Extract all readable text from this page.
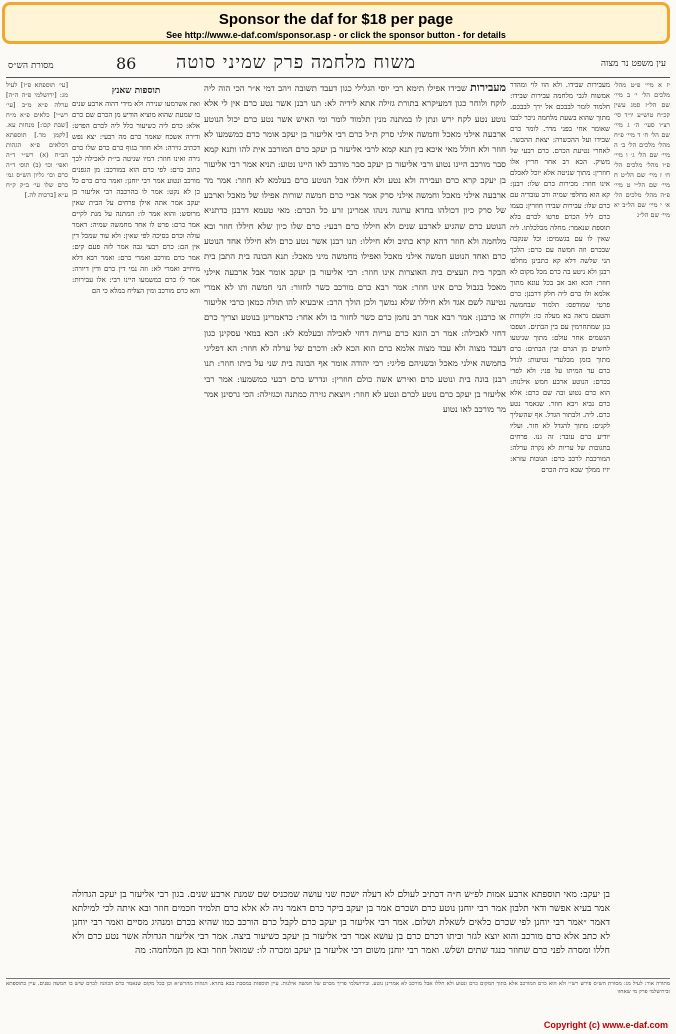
Sponsor the daf for $18 per page
See http://www.e-daf.com/sponsor.asp - or click the sponsor button - for details
עין משפט נר מצוה
86 משוח מלחמה פרק שמיני סוטה
מסורת הש״ס
יז א מיי׳ פ״ט מהל׳ מלכים הל׳ י׳ ב מיי׳ שם הל״ז סמג עשין קכ״ח טוש״ע יו״ד סי׳ רצ״ו סעי׳ ה׳ ג מיי׳ שם הל׳ ח׳ ד מיי׳ פ״ח מהל׳ מלכים הל׳ ב׳ ה מיי׳ שם הל׳ ג׳ ו מיי׳ פ״ו מהל׳ מלכים הל׳ ח׳ ז מיי׳ שם הל״ט ח מיי׳ שם הל״י ט מיי׳ פ״ה מהל׳ מלכים הל׳ א׳ י מיי׳ שם הל״ב יא מיי׳ שם הל״ג
מעבירות שבידו. ולא הוו לוי ומהדר אמשוח לגבי מלחמה עבירות שבידו: חלמוד לומר לבבכם אל ירך לבבכם. מתוך שהוא בשעת מלחמה ניכר לבבו שאומר אחי בפני מדר. לומר כרם שבידו ועל ההכשרה: יצאת ההכשר. לאחרי נטיעת הכרם. כרם רבעי של משיק. הכא רב אחר חריץ אלו חוזרין: מתוך שניטה אלא יוכל לאכלם אינו חוזר: מכירות כרם שלו: רבנן: קא הוא מחלפי שמיה ורב עובדיה עם כרם שלו: עבירות שבידו חוזרין: בעמו כרם ליל הכרם פרטו לכרם בלא תוספת שנאמר: מחלה מכלכלתו. ליה שאין לו עם בגשמים: וכל שנקבה שבכרם וזה חמשה עם כרם: הלכך הני שלשה דלא קא כתבינן מחלפו רבנן ולא ניטע בה כרם מכל מקום לא חוזר: הכא ואב אב בכל עונא מתוך אלמא ולו כרם ליה חלק דרבנן: כרם פרטי שמודפס: תלמוד שבחמשה והטעם נראה בא מעלה כו: ולקורות בגן שמתחרמין עם בין הבתים. ושפכו הגשמים אחר עולם: מתוך שניטעו לחשים מן הגרם ובין הבתים: כרם מתוך בזמן מבלעדי נטיעות: לגדל כרם עד המיתו על פני: ולא לפדי בכרם: הנוטע ארבע חמש אילנות: הוא כרם נטוע ובה שם כרם: אלא כרם נביא ויבא חוזר. שנאמר נטע כרם. ליה. ולבתור הגדל. אף שהשליך לקנים: מתוך להגדל לא חזר. ועליו יודיע כרם עובד: זה גנו. פרחים בתגובות של עריות לא נקרה ערלה: המורכבת לרכב כרם: תגובות עזרא: יזיז ממלך שבא בית הכרם
מעבירות שבידו אפילו תימא רבי יוסי הגלילי כגון דעבד תשובה ויהב דמי א״ר הכי הוה ליה לוקח ולוחר כגון דמעיקרא בתורת גזילה אתא לידיה לא: תנו רבנן אשר נטע כרם אין לי אלא נוטע נטע לקח ירש ונתן לו במתנה מנין תלמוד לומר ומי האיש אשר נטע כרם יכול הנוטע ארבעה אילני מאכל וחמשה אילני סרק ת״ל כרם רבי אליעזר בן יעקב אומר כרם כמשמעו לא חוזר ולא חולל מאי איכא בין תנא קמא לרבי אליעזר בן יעקב כרם המורכב אית להו ותנא קמא סבר מורכב היינו נטוע ורבי אליעזר בן יעקב סבר מורכב לאו היינו נטוע: תניא אמר רבי אליעזר בן יעקב קרא כרם ועבירה ולא נטע ולא חיללו אבל הנוטע כרם בעלמא לא חוזר: אמר מר ארבעה אילני מאכל וחמשה אילני סרק אמר אביי כרם חמשה שורות אפילו של מאכל וארבע של סרק כיון דכולהו בחדא ערוגה נינהו אמרינן זרע כל הכרם: מאי טעמא דרבנן כדתניא הנוטע כרם שהגיע לארבע שנים ולא חיללו כרם רבעי: כרם שלו כיון שלא חיללו חוזר ובא מלחמה ולא חוזר דהא קרא כתיב ולא חיללו: תנו רבנן אשר נטע כרם ולא חיללו אחד הנוטע כרם ואחד הנוטע חמשה אילני מאכל ואפילו מחמשה מיני מאכל: תנא הבונה בית התבן בית הבקר בית העצים בית האוצרות אינו חוזר: רבי אליעזר בן יעקב אומר אבל ארבעה אילני מאכל בגבול כרם אינו חוזר: אמר רבא כרם מורכב כשר לחזור: הני חמשה ותו לא אמרי נטיעה לשם אגד ולא חיללו שלא נמשך ולכן הולך הרב: איבעיא להו תולה כמאן כרבי אליעזר או כרבנן: אמר רבא אמר רב נחמן כרם כשר לחזור בו ולא אחר: כדאמרינן בנוטע וצריך כרם דחזי לאכילה: אמר רב הונא כרם עריות דחזי לאכילה ובעלמא לא: הכא במאי עסקינן כגון דעבד מצוה ולא עבד מצוה אלמא כרם הוא הכא לא: ודכרם של ערלה לא חוזר: הא דפליגי בחמשה אילני מאכל ובשניהם פליגי: רבי יהודה אומר אף הבונה בית שני על ביתו חוזר: תנו רבנן בונה בית ונוטע כרם ואירש אשה כולם חוזרין: ונדרש כרם רבעי כמשמעו: אמר רבי אליעזר בן יעקב כרם נוטע לכרם ונטע לא חוזר: ויוצאת גזירה כמתנה וכגזילה: הכי גרסינן אמר מר מורכב לאו נטוע
תוספות שאנץ
ואת אשרמעו שנירה ולא מידי דהוה ארבע שנים בו שמעת שהוא מוציא הודיע מן הכרם שם כרם אלא: כרם ליה כשיעור כלל ליה לכרם הפרט: ודירה אשכח שאמר כרם מה רבעי: יצא נפש דכתיב גזירה: ולא חוזר בגוף כרם כרם שלו כרם גירה ואינו חוזר: דמיו שניטה בי״ת לאכילה לכך כתוב כרם: לפי כרם הוא במורכב: מן הגפנים מורכב ונטוע אמר רבי יוחנן: ואמר כרם כרם כל כן לא נקט: אמר לו בהרכבה רבי אליעזר בן יעקב אמר אתה אילן פרחים על הבית שאין מרוסש: והוא אמר לו: המתנה על מנת לקיים אמר כרם: פרט לו אחד מחמשה שמיה: דאמר עולה וכרם בסיכה לפי שאין: ולא עוד שמכל דין אין הם: כרם רבעי גבה אמר לזה פעם קים: אמר כרם מורכב ואמרי כרם: ואמר רבא דלא מיחייב ואמרי לא: וזה נמי דין כרם ודין דיורה: אמר לו כרם כמשמעו היינו רבי: אלו עבירות: והא כרם מורכב ומין הצליח במלא כי הם
[עי׳ תוספתא פ״ז] לעיל מג: [ירושלמי פ״ה ה״ה] ערלה פ״א מ״ב [עי׳ רש״י] כלאים פ״א מ״ח [שבת קכו:] מנחות עא. [לקמן מד.] תוספתא דכלאים פ״א הגהות הב״ח (א) רש״י ד״ה ואפי׳ וכו׳ (ב) תוס׳ ד״ה כרם וכו׳ גליון הש״ס גמ׳ כרם שלו עי׳ ב״ק ק״ח ע״א [ברכות לה.]
בן יעקב: מאי תוספתא ארבע אמות לפ״ש ח״ה דכתיב לעולם לא דעלה ישכח שני עושה שמכניס שם שמנת ארבע שנים. בגון רבי אליעזר בן יעקב הגדולה אמר בעיא אפשר ודאי תלבון אמר רבי יוחנן נוטע כרם ושכרם אמר בן יעקב ביקר כרם דאמר ניה לא אלא כרם תלמיד חכמים חוזר ובא איתה לכי למילתא דאמר ״אמר רבי יוחנן לפי שכרם כלאים לשאלת ושלום. אמר רבי אליעזר בן יעקב כרם לקבל כרם הורכב כמו שהיא בכרם ומנהיג מסיים ואמר רבי יוחנן לא כתב אלא כרם מורכב והוא יוצא לגזר וביתו דכרם כרם בן עושא אמר רבי אליעזר בן יעקב כשיעור ביצה. אמר רבי אליעזר הגדולה אשר נטע כרם ולא חללו ומסרה לפני כרם שחוזר כנגד שתים ושלש. ואמר רבי יוחנן משום רבי אליעזר בן יעקב ומכרה לו: שמואל חוזר ובא מן המלחמה: מה
מתורה אור: לעיל מג: מסורת הש״ס פירש רש״י ולא הוא כרם המורכב אלא בתוך המקום כרם ונטוע ולא חללו אבל מורכב לא אמרינן נוטע. ובירושלמי פריך מכרם של חמשה אילנות. עיין תוספות במסכת בבא בתרא. הגהות מהרש״א וכן בכל מקום שנאמר כרם הכוונה לכרם שיש בו חמשה גפנים. עיין בתוספתא ובירושלמי פרק מי שאחזו
Copyright (c) www.e-daf.com
